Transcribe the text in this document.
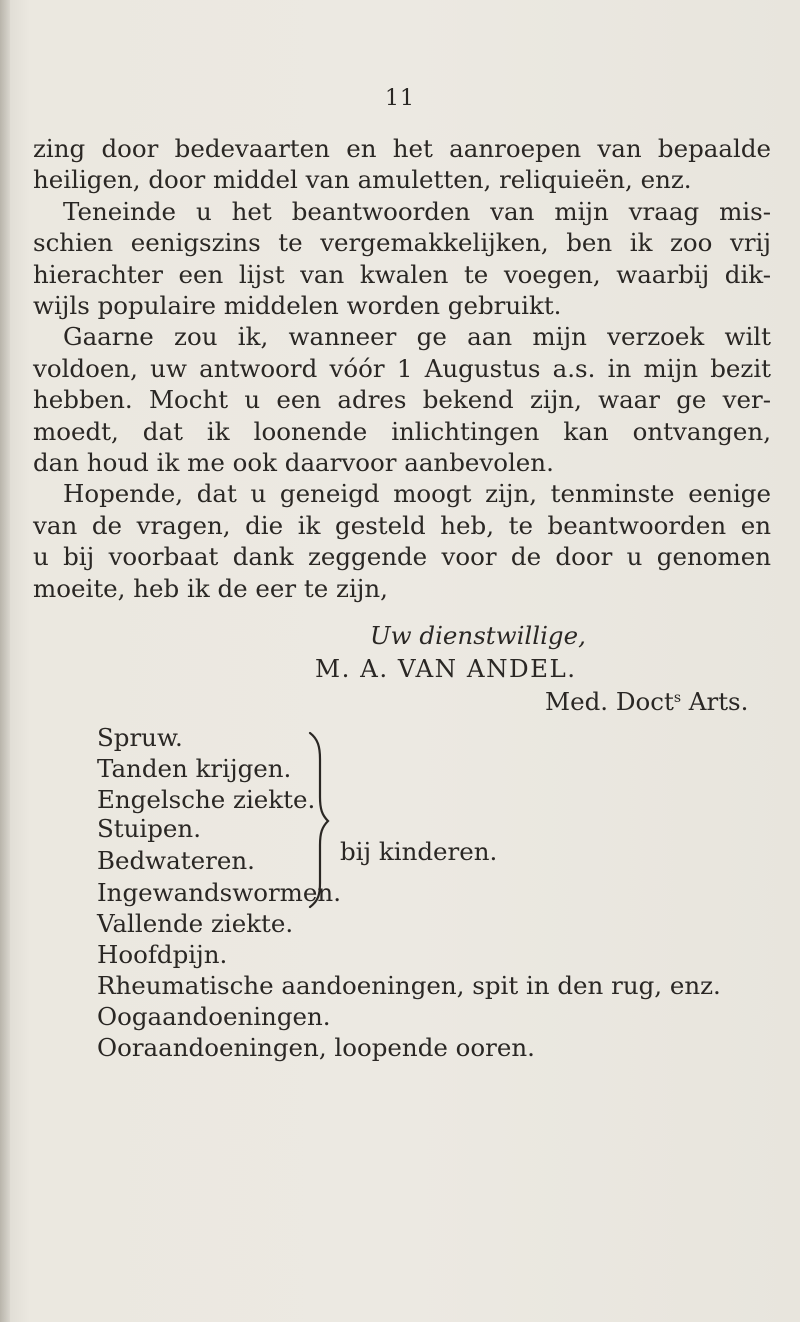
11
zing door bedevaarten en het aanroepen van bepaalde
heiligen, door middel van amuletten, reliquieën, enz.
Teneinde u het beantwoorden van mijn vraag mis-
schien eenigszins te vergemakkelijken, ben ik zoo vrij
hierachter een lijst van kwalen te voegen, waarbij dik-
wijls populaire middelen worden gebruikt.
Gaarne zou ik, wanneer ge aan mijn verzoek wilt
voldoen, uw antwoord vóór 1 Augustus a.s. in mijn bezit
hebben. Mocht u een adres bekend zijn, waar ge ver-
moedt, dat ik loonende inlichtingen kan ontvangen,
dan houd ik me ook daarvoor aanbevolen.
Hopende, dat u geneigd moogt zijn, tenminste eenige
van de vragen, die ik gesteld heb, te beantwoorden en
u bij voorbaat dank zeggende voor de door u genomen
moeite, heb ik de eer te zijn,
Uw dienstwillige,
M. A. VAN ANDEL.
Med. Doct$^s$ Arts.
Spruw.
Tanden krijgen.
Engelsche ziekte.
Stuipen.
Bedwateren.
Ingewandswormen.
Vallende ziekte.
Hoofdpijn.
Rheumatische aandoeningen, spit in den rug, enz.
Oogaandoeningen.
Ooraandoeningen, loopende ooren.
bij kinderen.
